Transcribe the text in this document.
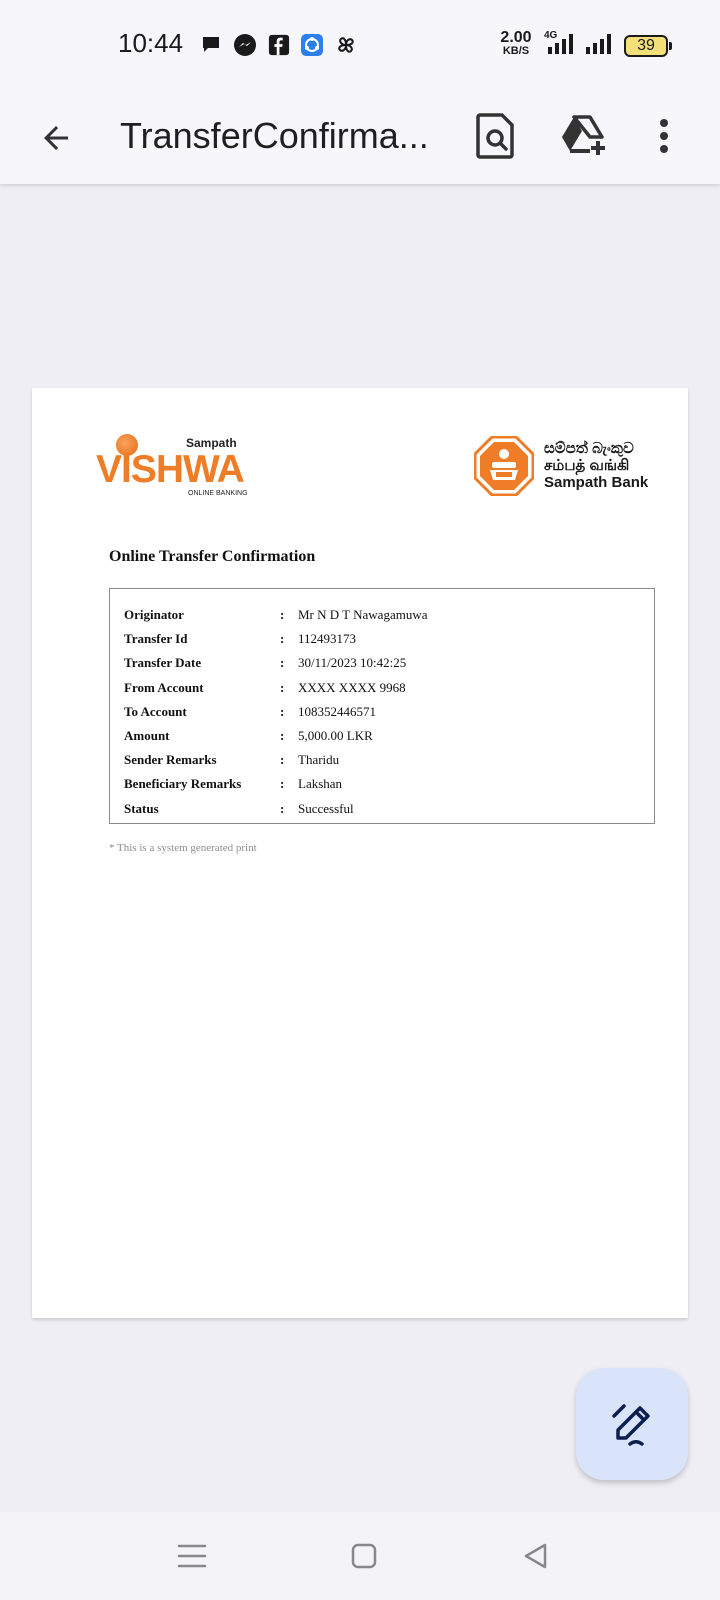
10:44	2.00
KB/S
4G
39
TransferConfirma...
Sampath
VISHWA
ONLINE BANKING
සම්පත් බැංකුව
சம்பத் வங்கி
Sampath Bank
Online Transfer Confirmation
Originator	:	Mr N D T Nawagamuwa
Transfer Id	:	112493173
Transfer Date	:	30/11/2023 10:42:25
From Account	:	XXXX XXXX 9968
To Account	:	108352446571
Amount	:	5,000.00 LKR
Sender Remarks	:	Tharidu
Beneficiary Remarks	:	Lakshan
Status	:	Successful
* This is a system generated print
